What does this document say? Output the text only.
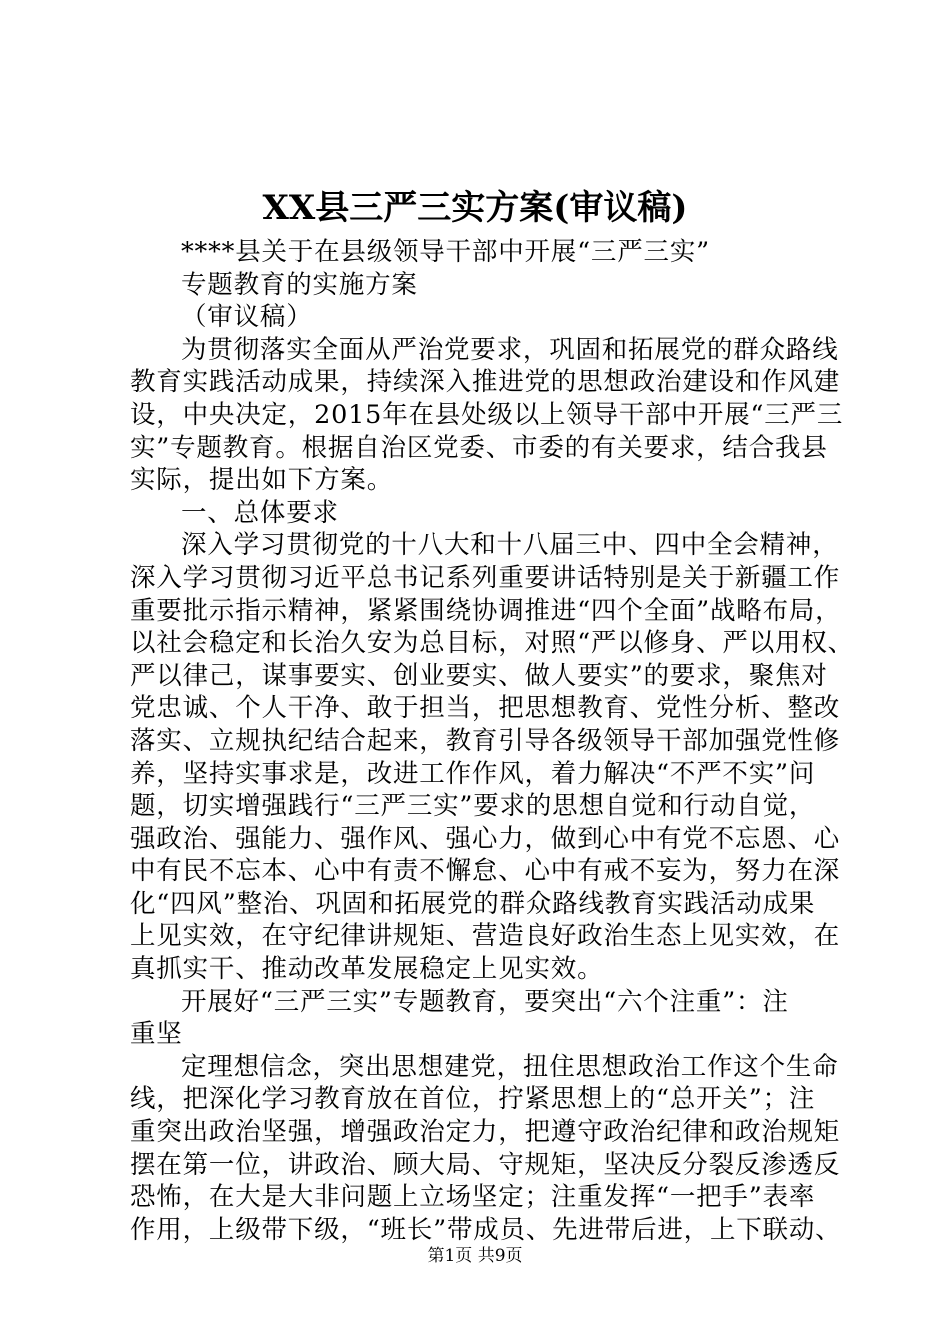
XX县三严三实方案(审议稿)
****县关于在县级领导干部中开展“三严三实”
专题教育的实施方案
（审议稿）
为贯彻落实全面从严治党要求，巩固和拓展党的群众路线
教育实践活动成果，持续深入推进党的思想政治建设和作风建
设，中央决定，2015年在县处级以上领导干部中开展“三严三
实”专题教育。根据自治区党委、市委的有关要求，结合我县
实际，提出如下方案。
一、总体要求
深入学习贯彻党的十八大和十八届三中、四中全会精神，
深入学习贯彻习近平总书记系列重要讲话特别是关于新疆工作
重要批示指示精神，紧紧围绕协调推进“四个全面”战略布局，
以社会稳定和长治久安为总目标，对照“严以修身、严以用权、
严以律己，谋事要实、创业要实、做人要实”的要求，聚焦对
党忠诚、个人干净、敢于担当，把思想教育、党性分析、整改
落实、立规执纪结合起来，教育引导各级领导干部加强党性修
养，坚持实事求是，改进工作作风，着力解决“不严不实”问
题，切实增强践行“三严三实”要求的思想自觉和行动自觉，
强政治、强能力、强作风、强心力，做到心中有党不忘恩、心
中有民不忘本、心中有责不懈怠、心中有戒不妄为，努力在深
化“四风”整治、巩固和拓展党的群众路线教育实践活动成果
上见实效，在守纪律讲规矩、营造良好政治生态上见实效，在
真抓实干、推动改革发展稳定上见实效。
开展好“三严三实”专题教育，要突出“六个注重”：注
重坚
定理想信念，突出思想建党，扭住思想政治工作这个生命
线，把深化学习教育放在首位，拧紧思想上的“总开关”；注
重突出政治坚强，增强政治定力，把遵守政治纪律和政治规矩
摆在第一位，讲政治、顾大局、守规矩，坚决反分裂反渗透反
恐怖，在大是大非问题上立场坚定；注重发挥“一把手”表率
作用，上级带下级，“班长”带成员、先进带后进，上下联动、
第1页 共9页
